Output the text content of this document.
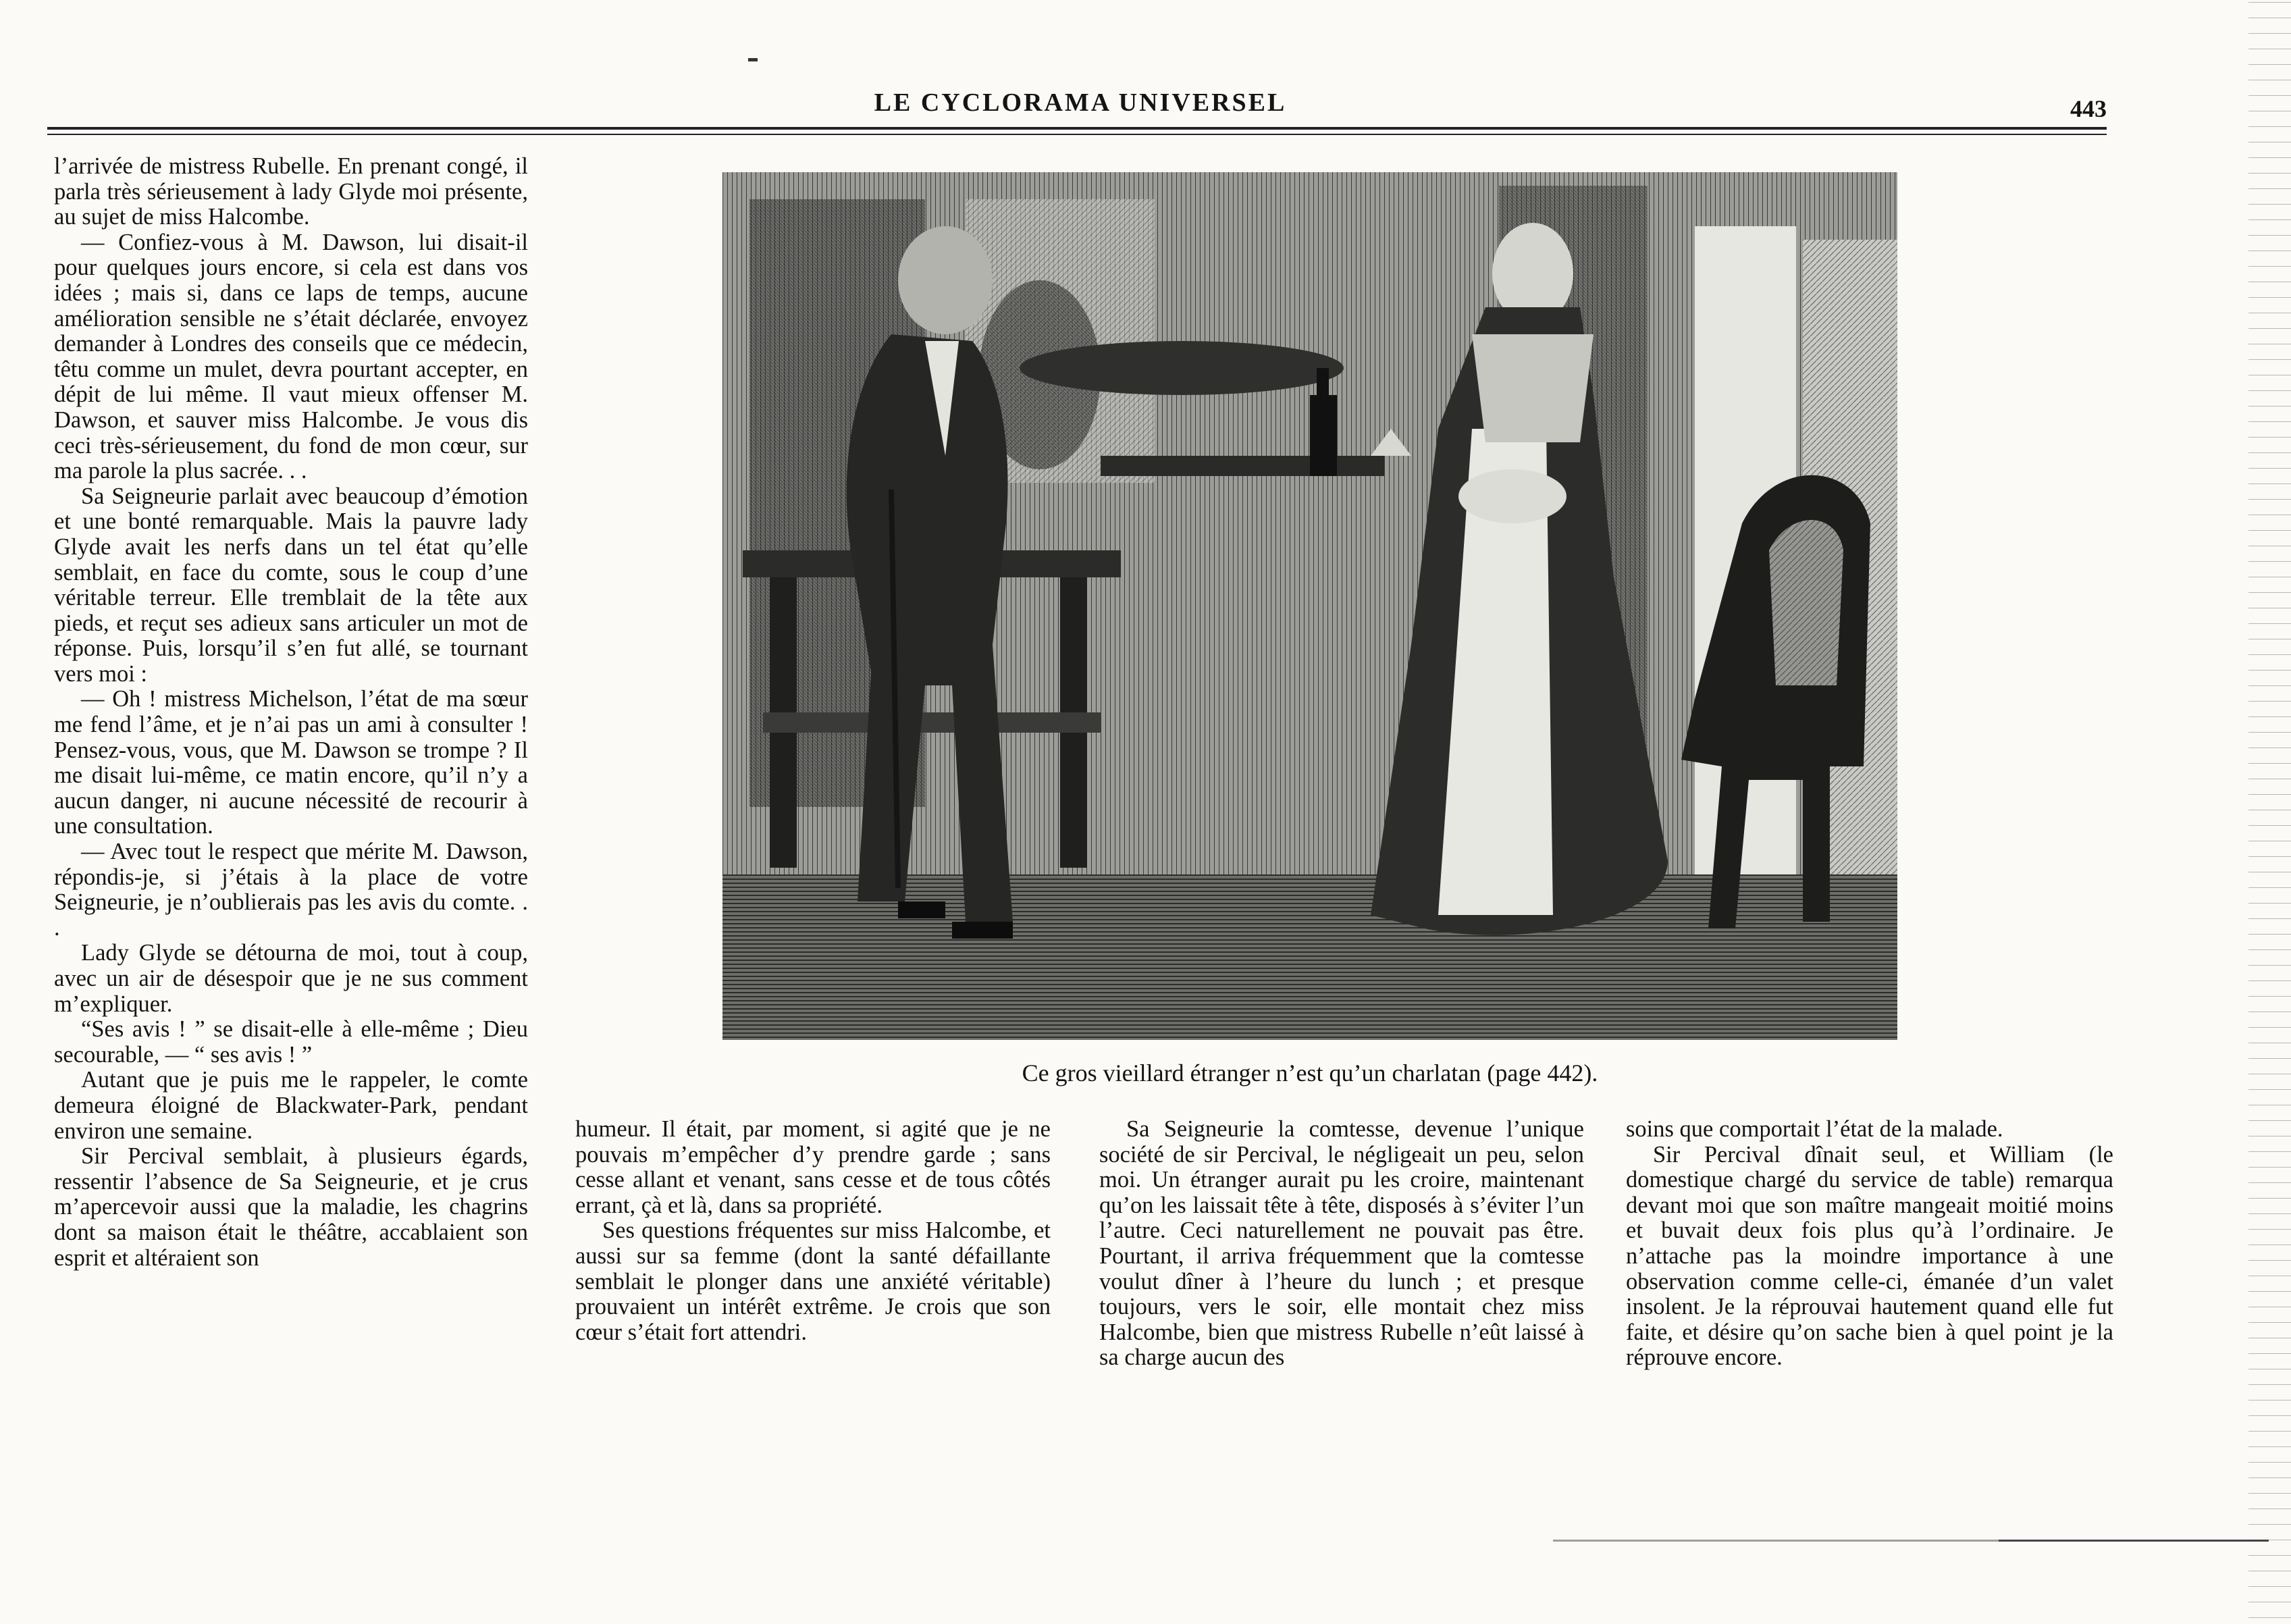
LE CYCLORAMA UNIVERSEL	443

l’arrivée de mistress Rubelle. En prenant congé, il parla très sérieusement à lady Glyde moi présente, au sujet de miss Halcombe.

— Confiez-vous à M. Dawson, lui disait-il pour quelques jours encore, si cela est dans vos idées ; mais si, dans ce laps de temps, aucune amélioration sensible ne s’était déclarée, envoyez demander à Londres des conseils que ce médecin, têtu comme un mulet, devra pourtant accepter, en dépit de lui même. Il vaut mieux offenser M. Dawson, et sauver miss Halcombe. Je vous dis ceci très-sérieusement, du fond de mon cœur, sur ma parole la plus sacrée. . .

Sa Seigneurie parlait avec beaucoup d’émotion et une bonté remarquable. Mais la pauvre lady Glyde avait les nerfs dans un tel état qu’elle semblait, en face du comte, sous le coup d’une véritable terreur. Elle tremblait de la tête aux pieds, et reçut ses adieux sans articuler un mot de réponse. Puis, lorsqu’il s’en fut allé, se tournant vers moi :

— Oh ! mistress Michelson, l’état de ma sœur me fend l’âme, et je n’ai pas un ami à consulter ! Pensez-vous, vous, que M. Dawson se trompe ? Il me disait lui-même, ce matin encore, qu’il n’y a aucun danger, ni aucune nécessité de recourir à une consultation.

— Avec tout le respect que mérite M. Dawson, répondis-je, si j’étais à la place de votre Seigneurie, je n’oublierais pas les avis du comte. . .

Lady Glyde se détourna de moi, tout à coup, avec un air de désespoir que je ne sus comment m’expliquer.

“Ses avis ! ” se disait-elle à elle-même ; Dieu secourable, — “ ses avis ! ”

Autant que je puis me le rappeler, le comte demeura éloigné de Blackwater-Park, pendant environ une semaine.

Sir Percival semblait, à plusieurs égards, ressentir l’absence de Sa Seigneurie, et je crus m’apercevoir aussi que la maladie, les chagrins dont sa maison était le théâtre, accablaient son esprit et altéraient son

Ce gros vieillard étranger n’est qu’un charlatan (page 442).

humeur. Il était, par moment, si agité que je ne pouvais m’empêcher d’y prendre garde ; sans cesse allant et venant, sans cesse et de tous côtés errant, çà et là, dans sa propriété.

Ses questions fréquentes sur miss Halcombe, et aussi sur sa femme (dont la santé défaillante semblait le plonger dans une anxiété véritable) prouvaient un intérêt extrême. Je crois que son cœur s’était fort attendri.

Sa Seigneurie la comtesse, devenue l’unique société de sir Percival, le négligeait un peu, selon moi. Un étranger aurait pu les croire, maintenant qu’on les laissait tête à tête, disposés à s’éviter l’un l’autre. Ceci naturellement ne pouvait pas être. Pourtant, il arriva fréquemment que la comtesse voulut dîner à l’heure du lunch ; et presque toujours, vers le soir, elle montait chez miss Halcombe, bien que mistress Rubelle n’eût laissé à sa charge aucun des

soins que comportait l’état de la malade.

Sir Percival dînait seul, et William (le domestique chargé du service de table) remarqua devant moi que son maître mangeait moitié moins et buvait deux fois plus qu’à l’ordinaire. Je n’attache pas la moindre importance à une observation comme celle-ci, émanée d’un valet insolent. Je la réprouvai hautement quand elle fut faite, et désire qu’on sache bien à quel point je la réprouve encore.
